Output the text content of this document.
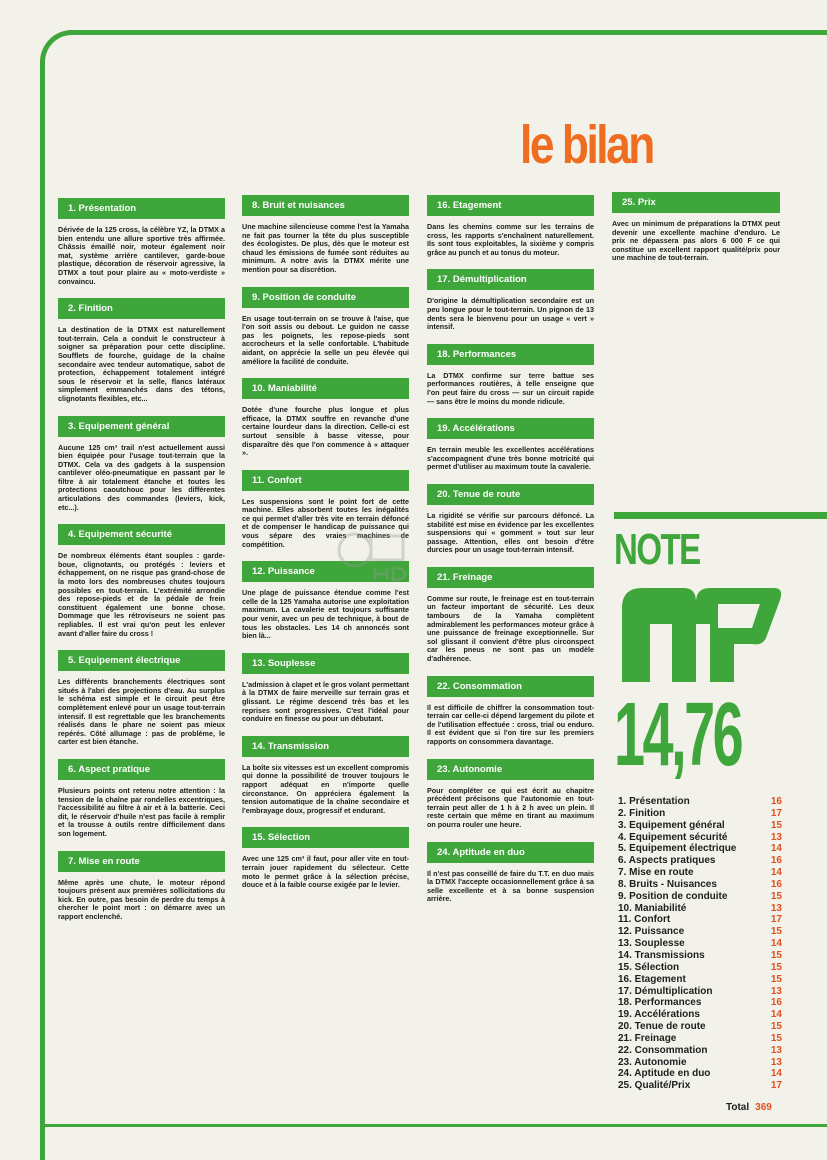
le bilan
1. Présentation

Dérivée de la 125 cross, la célèbre YZ, la DTMX a bien entendu une allure sportive très affirmée. Châssis émaillé noir, moteur également noir mat, système arrière cantilever, garde-boue plastique, décoration de réservoir agressive, la DTMX a tout pour plaire au « moto-verdiste » convaincu.

2. Finition

La destination de la DTMX est naturellement tout-terrain. Cela a conduit le constructeur à soigner sa préparation pour cette discipline. Soufflets de fourche, guidage de la chaîne secondaire avec tendeur automatique, sabot de protection, échappement totalement intégré sous le réservoir et la selle, flancs latéraux simplement emmanchés dans des tétons, clignotants flexibles, etc...

3. Equipement général

Aucune 125 cm³ trail n'est actuellement aussi bien équipée pour l'usage tout-terrain que la DTMX. Cela va des gadgets à la suspension cantilever oléo-pneumatique en passant par le filtre à air totalement étanche et toutes les protections caoutchouc pour les différentes articulations des commandes (leviers, kick, etc...).

4. Equipement sécurité

De nombreux éléments étant souples : garde-boue, clignotants, ou protégés : leviers et échappement, on ne risque pas grand-chose de la moto lors des nombreuses chutes toujours possibles en tout-terrain. L'extrémité arrondie des repose-pieds et de la pédale de frein constituent également une bonne chose. Dommage que les rétroviseurs ne soient pas repliables. Il est vrai qu'on peut les enlever avant d'aller faire du cross !

5. Equipement électrique

Les différents branchements électriques sont situés à l'abri des projections d'eau. Au surplus le schéma est simple et le circuit peut être complètement enlevé pour un usage tout-terrain intensif. Il est regrettable que les branchements réalisés dans le phare ne soient pas mieux repérés. Côté allumage : pas de problème, le carter est bien étanche.

6. Aspect pratique

Plusieurs points ont retenu notre attention : la tension de la chaîne par rondelles excentriques, l'accessibilité au filtre à air et à la batterie. Ceci dit, le réservoir d'huile n'est pas facile à remplir et la trousse à outils rentre difficilement dans son logement.

7. Mise en route

Même après une chute, le moteur répond toujours présent aux premières sollicitations du kick. En outre, pas besoin de perdre du temps à chercher le point mort : on démarre avec un rapport enclenché.

8. Bruit et nuisances

Une machine silencieuse comme l'est la Yamaha ne fait pas tourner la tête du plus susceptible des écologistes. De plus, dès que le moteur est chaud les émissions de fumée sont réduites au minimum. A notre avis la DTMX mérite une mention pour sa discrétion.

9. Position de conduite

En usage tout-terrain on se trouve à l'aise, que l'on soit assis ou debout. Le guidon ne casse pas les poignets, les repose-pieds sont accrocheurs et la selle confortable. L'habitude aidant, on apprécie la selle un peu élevée qui améliore la facilité de conduite.

10. Maniabilité

Dotée d'une fourche plus longue et plus efficace, la DTMX souffre en revanche d'une certaine lourdeur dans la direction. Celle-ci est surtout sensible à basse vitesse, pour disparaître dès que l'on commence à « attaquer ».

11. Confort

Les suspensions sont le point fort de cette machine. Elles absorbent toutes les inégalités ce qui permet d'aller très vite en terrain défoncé et de compenser le handicap de puissance qui vous sépare des vraies machines de compétition.

12. Puissance

Une plage de puissance étendue comme l'est celle de la 125 Yamaha autorise une exploitation maximum. La cavalerie est toujours suffisante pour venir, avec un peu de technique, à bout de tous les obstacles. Les 14 ch annoncés sont bien là...

13. Souplesse

L'admission à clapet et le gros volant permettant à la DTMX de faire merveille sur terrain gras et glissant. Le régime descend très bas et les reprises sont progressives. C'est l'idéal pour conduire en finesse ou pour un débutant.

14. Transmission

La boîte six vitesses est un excellent compromis qui donne la possibilité de trouver toujours le rapport adéquat en n'importe quelle circonstance. On appréciera également la tension automatique de la chaîne secondaire et l'embrayage doux, progressif et endurant.

15. Sélection

Avec une 125 cm³ il faut, pour aller vite en tout-terrain jouer rapidement du sélecteur. Cette moto le permet grâce à la sélection précise, douce et à la faible course exigée par le levier.

16. Etagement

Dans les chemins comme sur les terrains de cross, les rapports s'enchaînent naturellement. Ils sont tous exploitables, la sixième y compris grâce au punch et au tonus du moteur.

17. Démultiplication

D'origine la démultiplication secondaire est un peu longue pour le tout-terrain. Un pignon de 13 dents sera le bienvenu pour un usage « vert » intensif.

18. Performances

La DTMX confirme sur terre battue ses performances routières, à telle enseigne que l'on peut faire du cross — sur un circuit rapide — sans être le moins du monde ridicule.

19. Accélérations

En terrain meuble les excellentes accélérations s'accompagnent d'une très bonne motricité qui permet d'utiliser au maximum toute la cavalerie.

20. Tenue de route

La rigidité se vérifie sur parcours défoncé. La stabilité est mise en évidence par les excellentes suspensions qui « gomment » tout sur leur passage. Attention, elles ont besoin d'être durcies pour un usage tout-terrain intensif.

21. Freinage

Comme sur route, le freinage est en tout-terrain un facteur important de sécurité. Les deux tambours de la Yamaha complètent admirablement les performances moteur grâce à une puissance de freinage exceptionnelle. Sur sol glissant il convient d'être plus circonspect car les pneus ne sont pas un modèle d'adhérence.

22. Consommation

Il est difficile de chiffrer la consommation tout-terrain car celle-ci dépend largement du pilote et de l'utilisation effectuée : cross, trial ou enduro. Il est évident que si l'on tire sur les premiers rapports on consommera davantage.

23. Autonomie

Pour compléter ce qui est écrit au chapitre précédent précisons que l'autonomie en tout-terrain peut aller de 1 h à 2 h avec un plein. Il reste certain que même en tirant au maximum on pourra rouler une heure.

24. Aptitude en duo

Il n'est pas conseillé de faire du T.T. en duo mais la DTMX l'accepte occasionnellement grâce à sa selle excellente et à sa bonne suspension arrière.

25. Prix

Avec un minimum de préparations la DTMX peut devenir une excellente machine d'enduro. Le prix ne dépassera pas alors 6 000 F ce qui constitue un excellent rapport qualité/prix pour une machine de tout-terrain.

NOTE
14,76
1. Présentation	16
2. Finition	17
3. Equipement général	15
4. Equipement sécurité	13
5. Equipement électrique	14
6. Aspects pratiques	16
7. Mise en route	14
8. Bruits - Nuisances	16
9. Position de conduite	15
10. Maniabilité	13
11. Confort	17
12. Puissance	15
13. Souplesse	14
14. Transmissions	15
15. Sélection	15
16. Etagement	15
17. Démultiplication	13
18. Performances	16
19. Accélérations	14
20. Tenue de route	15
21. Freinage	15
22. Consommation	13
23. Autonomie	13
24. Aptitude en duo	14
25. Qualité/Prix	17
Total 369
